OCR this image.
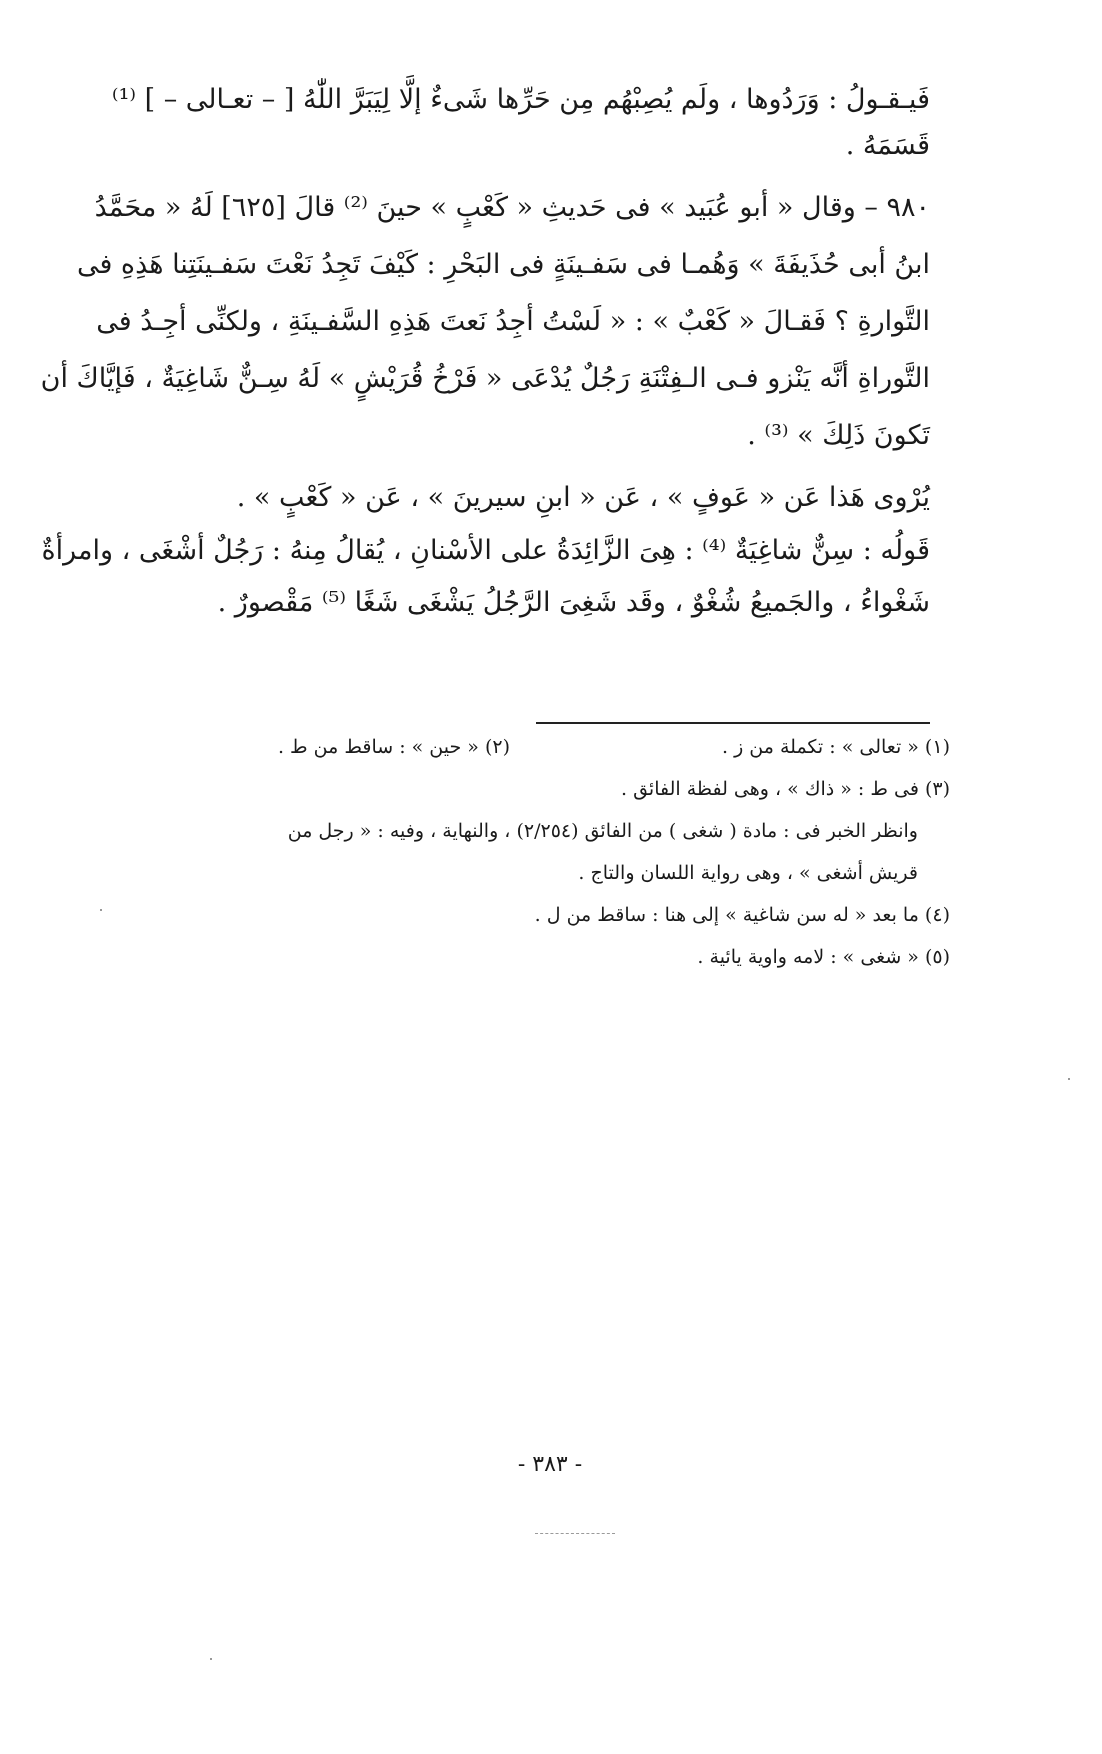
فَيـقـولُ : وَرَدُوها ، ولَم يُصِبْهُم مِن حَرِّها شَىءٌ إلَّا لِيَبَرَّ اللّٰهُ [ – تعـالى – ] ⁽¹⁾
قَسَمَهُ .
٩٨٠ – وقال « أبو عُبَيد » فى حَديثِ « كَعْبٍ » حينَ ⁽²⁾ قالَ [٦٢٥] لَهُ « محَمَّدُ
ابنُ أبى حُذَيفَةَ » وَهُمـا فى سَفـينَةٍ فى البَحْرِ : كَيْفَ تَجِدُ نَعْتَ سَفـينَتِنا هَذِهِ فى
التَّوارةِ ؟ فَقـالَ « كَعْبٌ » : « لَسْتُ أجِدُ نَعتَ هَذِهِ السَّفـينَةِ ، ولكنِّى أجِـدُ فى
التَّوراةِ أنَّه يَنْزو فـى الـفِتْنَةِ رَجُلٌ يُدْعَى « فَرْخُ قُرَيْشٍ » لَهُ سِـنٌّ شَاغِيَةٌ ، فَإيَّاكَ أن
تَكونَ ذَلِكَ » ⁽³⁾ .
يُرْوى هَذا عَن « عَوفٍ » ، عَن « ابنِ سيرينَ » ، عَن « كَعْبٍ » .
قَولُه : سِنٌّ شاغِيَةٌ ⁽⁴⁾ : هِىَ الزَّائِدَةُ على الأسْنانِ ، يُقالُ مِنهُ : رَجُلٌ أشْغَى ، وامرأةٌ
شَغْواءُ ، والجَميعُ شُغْوٌ ، وقَد شَغِىَ الرَّجُلُ يَشْغَى شَغًا ⁽⁵⁾ مَقْصورٌ .
(١) « تعالى » : تكملة من ز .
(٢) « حين » : ساقط من ط .
(٣) فى ط : « ذاك » ، وهى لفظة الفائق .
وانظر الخبر فى : مادة ( شغى ) من الفائق (٢/٢٥٤) ، والنهاية ، وفيه : « رجل من
قريش أشغى » ، وهى رواية اللسان والتاج .
(٤) ما بعد « له سن شاغية » إلى هنا : ساقط من ل .
(٥) « شغى » : لامه واوية يائية .
- ٣٨٣ -
